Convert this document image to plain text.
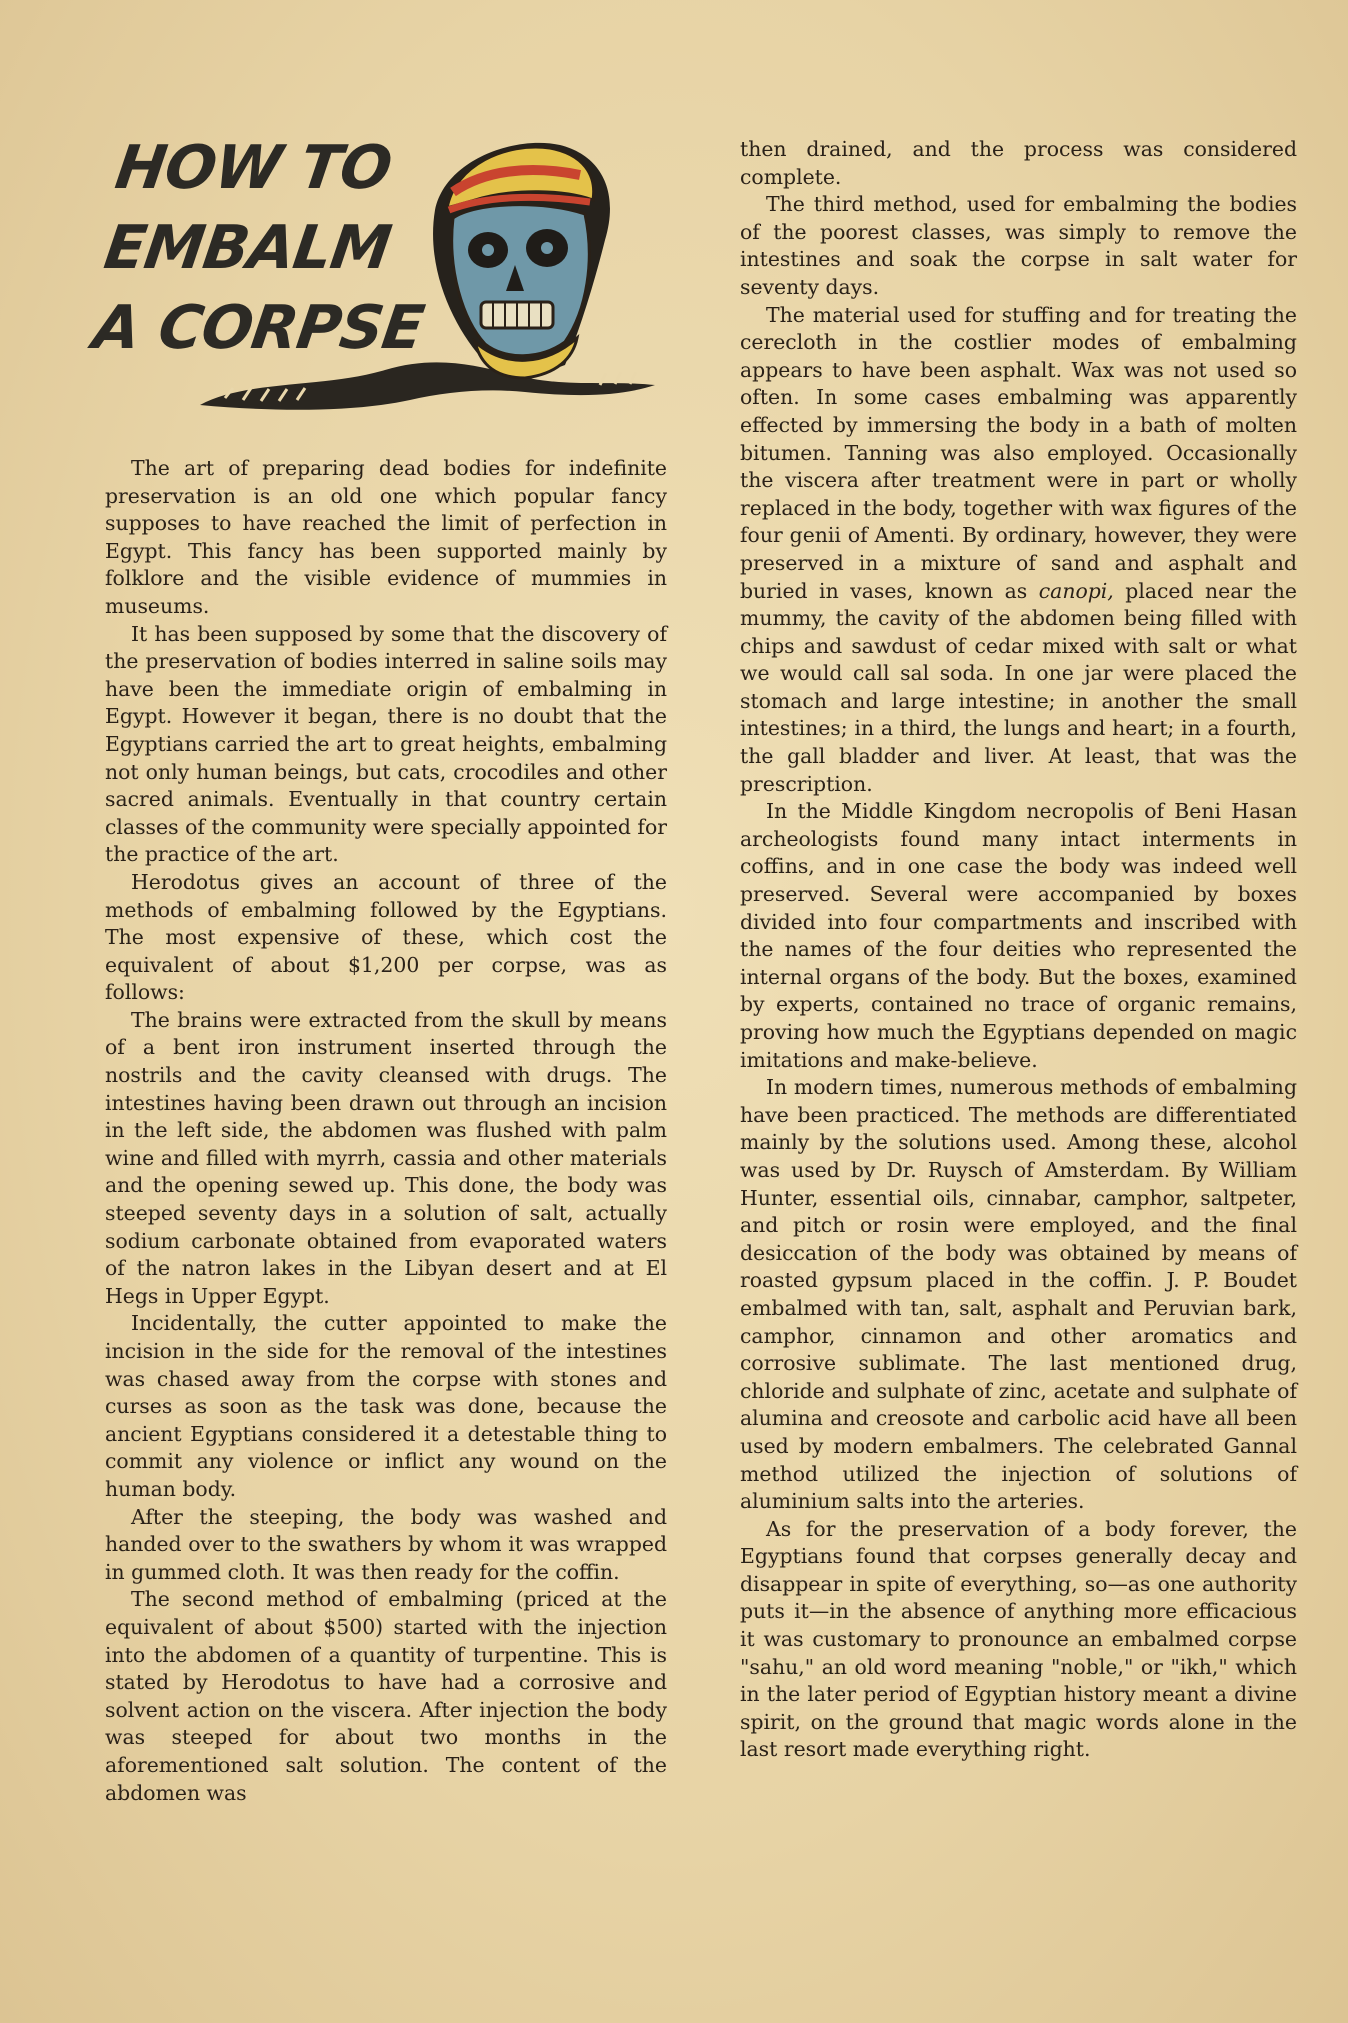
HOW TO
EMBALM
A CORPSE

The art of preparing dead bodies for indefinite preservation is an old one which popular fancy supposes to have reached the limit of perfection in Egypt. This fancy has been supported mainly by folklore and the visible evidence of mummies in museums.

It has been supposed by some that the discovery of the preservation of bodies interred in saline soils may have been the immediate origin of embalming in Egypt. However it began, there is no doubt that the Egyptians carried the art to great heights, embalming not only human beings, but cats, crocodiles and other sacred animals. Eventually in that country certain classes of the community were specially appointed for the practice of the art.

Herodotus gives an account of three of the methods of embalming followed by the Egyptians. The most expensive of these, which cost the equivalent of about $1,200 per corpse, was as follows:

The brains were extracted from the skull by means of a bent iron instrument inserted through the nostrils and the cavity cleansed with drugs. The intestines having been drawn out through an incision in the left side, the abdomen was flushed with palm wine and filled with myrrh, cassia and other materials and the opening sewed up. This done, the body was steeped seventy days in a solution of salt, actually sodium carbonate obtained from evaporated waters of the natron lakes in the Libyan desert and at El Hegs in Upper Egypt.

Incidentally, the cutter appointed to make the incision in the side for the removal of the intestines was chased away from the corpse with stones and curses as soon as the task was done, because the ancient Egyptians considered it a detestable thing to commit any violence or inflict any wound on the human body.

After the steeping, the body was washed and handed over to the swathers by whom it was wrapped in gummed cloth. It was then ready for the coffin.

The second method of embalming (priced at the equivalent of about $500) started with the injection into the abdomen of a quantity of turpentine. This is stated by Herodotus to have had a corrosive and solvent action on the viscera. After injection the body was steeped for about two months in the aforementioned salt solution. The content of the abdomen was

then drained, and the process was considered complete.

The third method, used for embalming the bodies of the poorest classes, was simply to remove the intestines and soak the corpse in salt water for seventy days.

The material used for stuffing and for treating the cerecloth in the costlier modes of embalming appears to have been asphalt. Wax was not used so often. In some cases embalming was apparently effected by immersing the body in a bath of molten bitumen. Tanning was also employed. Occasionally the viscera after treatment were in part or wholly replaced in the body, together with wax figures of the four genii of Amenti. By ordinary, however, they were preserved in a mixture of sand and asphalt and buried in vases, known as canopi, placed near the mummy, the cavity of the abdomen being filled with chips and sawdust of cedar mixed with salt or what we would call sal soda. In one jar were placed the stomach and large intestine; in another the small intestines; in a third, the lungs and heart; in a fourth, the gall bladder and liver. At least, that was the prescription.

In the Middle Kingdom necropolis of Beni Hasan archeologists found many intact interments in coffins, and in one case the body was indeed well preserved. Several were accompanied by boxes divided into four compartments and inscribed with the names of the four deities who represented the internal organs of the body. But the boxes, examined by experts, contained no trace of organic remains, proving how much the Egyptians depended on magic imitations and make-believe.

In modern times, numerous methods of embalming have been practiced. The methods are differentiated mainly by the solutions used. Among these, alcohol was used by Dr. Ruysch of Amsterdam. By William Hunter, essential oils, cinnabar, camphor, saltpeter, and pitch or rosin were employed, and the final desiccation of the body was obtained by means of roasted gypsum placed in the coffin. J. P. Boudet embalmed with tan, salt, asphalt and Peruvian bark, camphor, cinnamon and other aromatics and corrosive sublimate. The last mentioned drug, chloride and sulphate of zinc, acetate and sulphate of alumina and creosote and carbolic acid have all been used by modern embalmers. The celebrated Gannal method utilized the injection of solutions of aluminium salts into the arteries.

As for the preservation of a body forever, the Egyptians found that corpses generally decay and disappear in spite of everything, so—as one authority puts it—in the absence of anything more efficacious it was customary to pronounce an embalmed corpse "sahu," an old word meaning "noble," or "ikh," which in the later period of Egyptian history meant a divine spirit, on the ground that magic words alone in the last resort made everything right.
